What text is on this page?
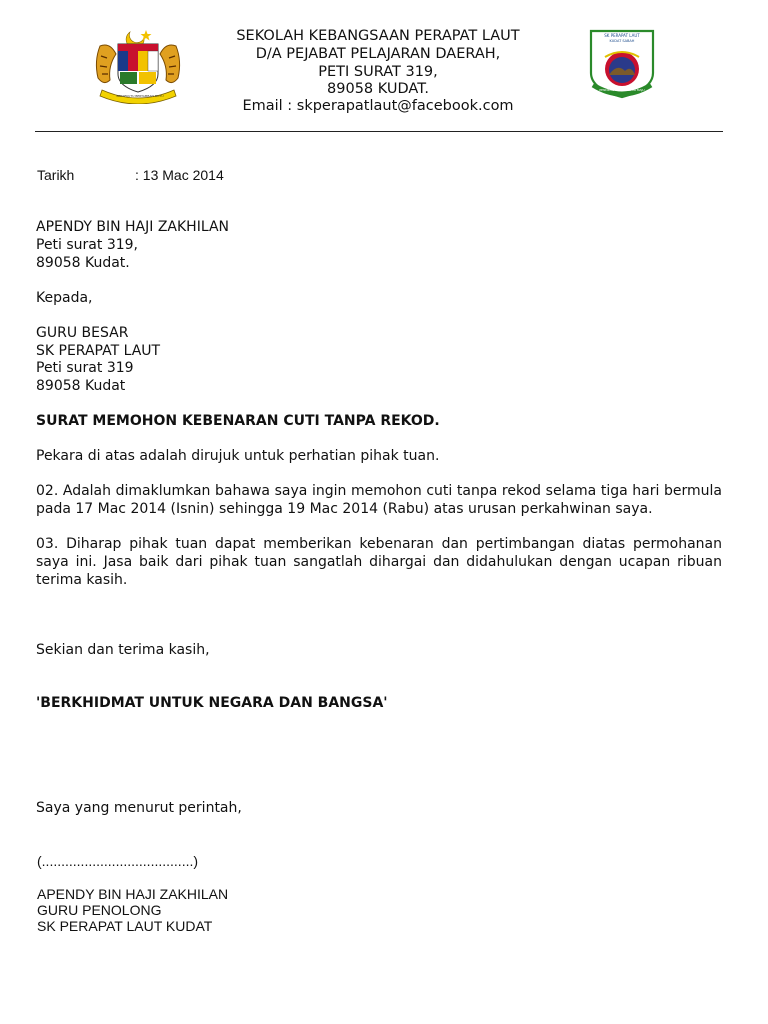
BERSEKUTU BERTAMBAH MUTU
SEKOLAH KEBANGSAAN PERAPAT LAUT
D/A PEJABAT PELAJARAN DAERAH,
PETI SURAT 319,
89058 KUDAT.
Email : skperapatlaut@facebook.com
SK PERAPAT LAUT
KUDAT SABAH
PENDIDIKAN & BERDAYA MAJU
Tarikh	: 13 Mac 2014
APENDY BIN HAJI ZAKHILAN
Peti surat 319,
89058 Kudat.
Kepada,
GURU BESAR
SK PERAPAT LAUT
Peti surat 319
89058 Kudat
SURAT MEMOHON KEBENARAN CUTI TANPA REKOD.
Pekara di atas adalah dirujuk untuk perhatian pihak tuan.
02. Adalah dimaklumkan bahawa saya ingin memohon cuti tanpa rekod selama tiga hari bermula pada 17 Mac 2014 (Isnin) sehingga 19 Mac 2014 (Rabu) atas urusan perkahwinan saya.
03. Diharap pihak tuan dapat memberikan kebenaran dan pertimbangan diatas permohanan saya ini. Jasa baik dari pihak tuan sangatlah dihargai dan didahulukan dengan ucapan ribuan terima kasih.
Sekian dan terima kasih,
'BERKHIDMAT UNTUK NEGARA DAN BANGSA'
Saya yang menurut perintah,
(.......................................)
APENDY BIN HAJI ZAKHILAN
GURU PENOLONG
SK PERAPAT LAUT KUDAT
